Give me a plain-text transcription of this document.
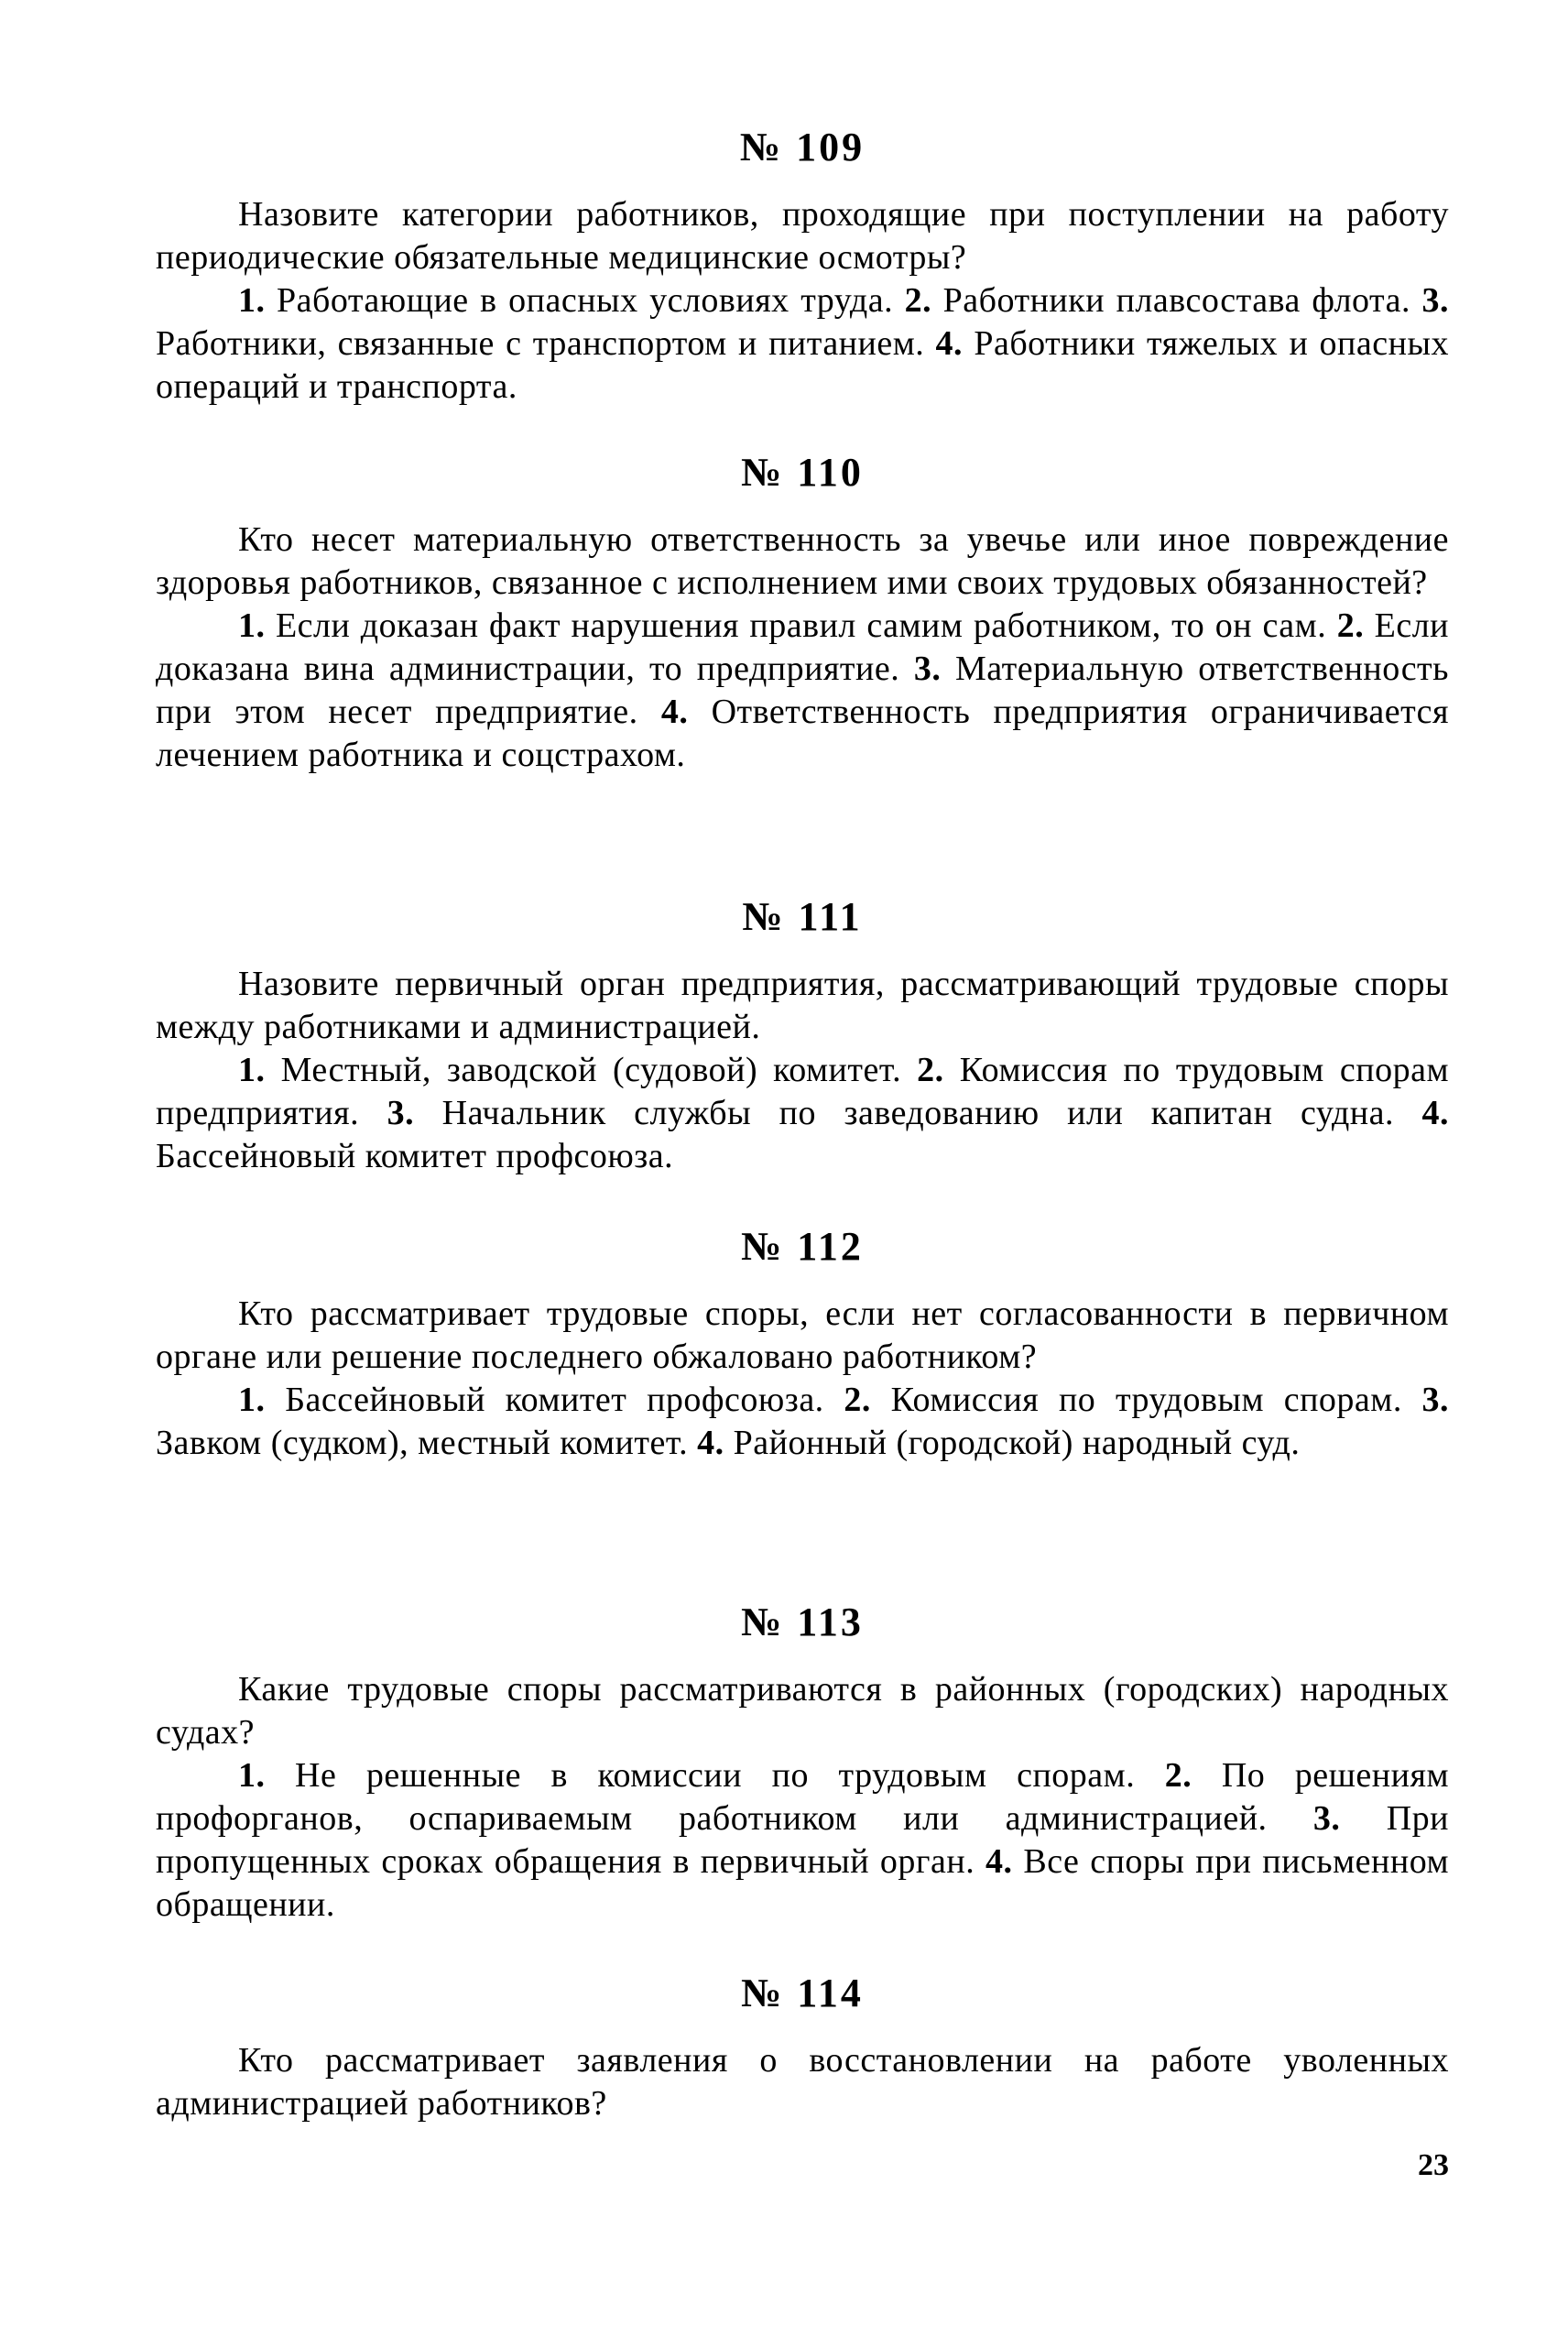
№ 109

Назовите категории работников, проходящие при поступлении на работу периодические обязательные медицинские осмотры?

1. Работающие в опасных условиях труда. 2. Работники плавсостава флота. 3. Работники, связанные с транспортом и питанием. 4. Работники тяжелых и опасных операций и транспорта.

№ 110

Кто несет материальную ответственность за увечье или иное повреждение здоровья работников, связанное с исполнением ими своих трудовых обязанностей?

1. Если доказан факт нарушения правил самим работником, то он сам. 2. Если доказана вина администрации, то предприятие. 3. Материальную ответственность при этом несет предприятие. 4. Ответственность предприятия ограничивается лечением работника и соцстрахом.

№ 111

Назовите первичный орган предприятия, рассматривающий трудовые споры между работниками и администрацией.

1. Местный, заводской (судовой) комитет. 2. Комиссия по трудовым спорам предприятия. 3. Начальник службы по заведованию или капитан судна. 4. Бассейновый комитет профсоюза.

№ 112

Кто рассматривает трудовые споры, если нет согласованности в первичном органе или решение последнего обжаловано работником?

1. Бассейновый комитет профсоюза. 2. Комиссия по трудовым спорам. 3. Завком (судком), местный комитет. 4. Районный (городской) народный суд.

№ 113

Какие трудовые споры рассматриваются в районных (городских) народных судах?

1. Не решенные в комиссии по трудовым спорам. 2. По решениям профорганов, оспариваемым работником или администрацией. 3. При пропущенных сроках обращения в первичный орган. 4. Все споры при письменном обращении.

№ 114

Кто рассматривает заявления о восстановлении на работе уволенных администрацией работников?

23
